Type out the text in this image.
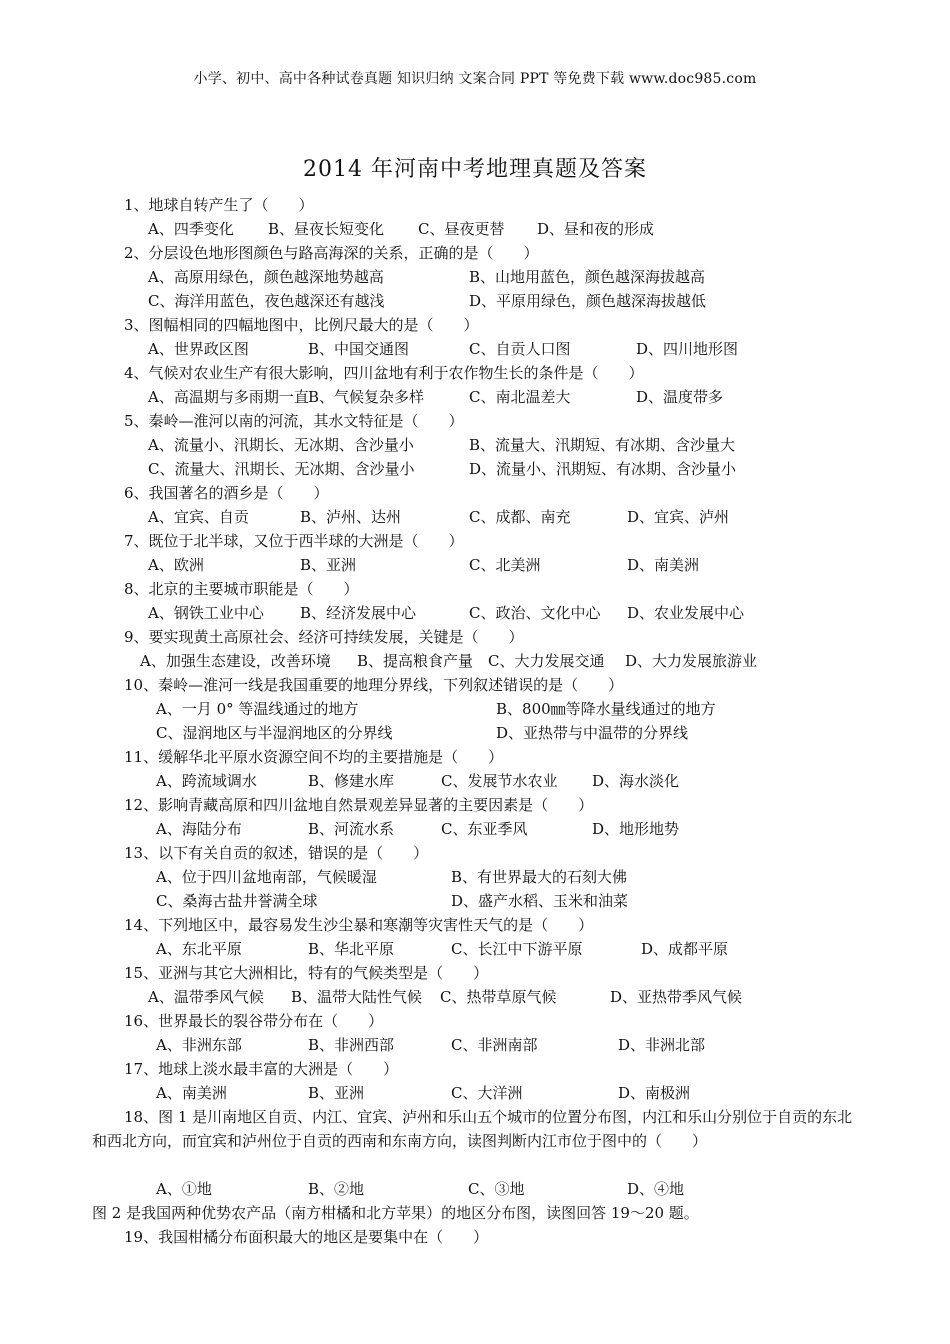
小学、初中、高中各种试卷真题 知识归纳 文案合同 PPT 等免费下载 www.doc985.com
2014 年河南中考地理真题及答案
1、地球自转产生了（　　）
A、四季变化 B、昼夜长短变化 C、昼夜更替 D、昼和夜的形成
2、分层设色地形图颜色与路高海深的关系，正确的是（　　）
A、高原用绿色，颜色越深地势越高	B、山地用蓝色，颜色越深海拔越高
C、海洋用蓝色，夜色越深还有越浅	D、平原用绿色，颜色越深海拔越低
3、图幅相同的四幅地图中，比例尺最大的是（　　）
A、世界政区图	B、中国交通图	C、自贡人口图	D、四川地形图
4、气候对农业生产有很大影响，四川盆地有利于农作物生长的条件是（　　）
A、高温期与多雨期一直 B、气候复杂多样	C、南北温差大	D、温度带多
5、秦岭—淮河以南的河流，其水文特征是（　　）
A、流量小、汛期长、无冰期、含沙量小	B、流量大、汛期短、有冰期、含沙量大
C、流量大、汛期长、无冰期、含沙量小	D、流量小、汛期短、有冰期、含沙量小
6、我国著名的酒乡是（　　）
A、宜宾、自贡	B、泸州、达州	C、成都、南充	D、宜宾、泸州
7、既位于北半球，又位于西半球的大洲是（　　）
A、欧洲	B、亚洲	C、北美洲	D、南美洲
8、北京的主要城市职能是（　　）
A、钢铁工业中心 B、经济发展中心	C、政治、文化中心 D、农业发展中心
9、要实现黄土高原社会、经济可持续发展，关键是（　　）
A、加强生态建设，改善环境 B、提高粮食产量 C、大力发展交通 D、大力发展旅游业
10、秦岭—淮河一线是我国重要的地理分界线，下列叙述错误的是（　　）
A、一月 0° 等温线通过的地方	B、800㎜等降水量线通过的地方
C、湿润地区与半湿润地区的分界线	D、亚热带与中温带的分界线
11、缓解华北平原水资源空间不均的主要措施是（　　）
A、跨流域调水	B、修建水库	C、发展节水农业 D、海水淡化
12、影响青藏高原和四川盆地自然景观差异显著的主要因素是（　　）
A、海陆分布	B、河流水系	C、东亚季风	D、地形地势
13、以下有关自贡的叙述，错误的是（　　）
A、位于四川盆地南部，气候暖湿	B、有世界最大的石刻大佛
C、桑海古盐井誉满全球	D、盛产水稻、玉米和油菜
14、下列地区中，最容易发生沙尘暴和寒潮等灾害性天气的是（　　）
A、东北平原	B、华北平原	C、长江中下游平原	D、成都平原
15、亚洲与其它大洲相比，特有的气候类型是（　　）
A、温带季风气候 B、温带大陆性气候 C、热带草原气候	D、亚热带季风气候
16、世界最长的裂谷带分布在（　　）
A、非洲东部	B、非洲西部	C、非洲南部	D、非洲北部
17、地球上淡水最丰富的大洲是（　　）
A、南美洲	B、亚洲	C、大洋洲	D、南极洲
18、图 1 是川南地区自贡、内江、宜宾、泸州和乐山五个城市的位置分布图，内江和乐山分别位于自贡的东北和西北方向，而宜宾和泸州位于自贡的西南和东南方向，读图判断内江市位于图中的（　　）
A、①地	B、②地	C、③地	D、④地
图 2 是我国两种优势农产品（南方柑橘和北方苹果）的地区分布图，读图回答 19～20 题。
19、我国柑橘分布面积最大的地区是要集中在（　　）
